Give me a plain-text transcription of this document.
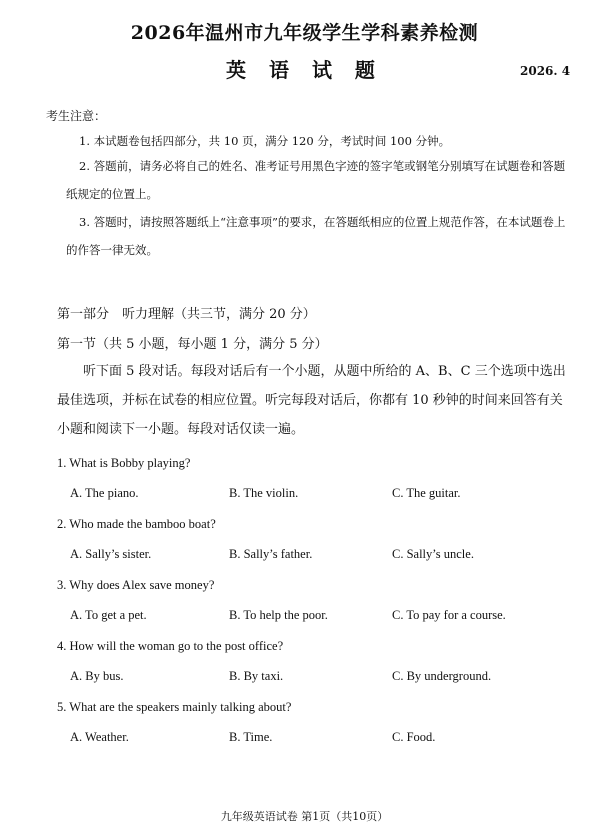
2026年温州市九年级学生学科素养检测
英 语 试 题	2026. 4
考生注意：
1. 本试题卷包括四部分，共 10 页，满分 120 分，考试时间 100 分钟。
2. 答题前，请务必将自己的姓名、准考证号用黑色字迹的签字笔或钢笔分别填写在试题卷和答题纸规定的位置上。
3. 答题时，请按照答题纸上“注意事项”的要求，在答题纸相应的位置上规范作答，在本试题卷上的作答一律无效。
第一部分　听力理解（共三节，满分 20 分）
第一节（共 5 小题，每小题 1 分，满分 5 分）
听下面 5 段对话。每段对话后有一个小题，从题中所给的 A、B、C 三个选项中选出最佳选项，并标在试卷的相应位置。听完每段对话后，你都有 10 秒钟的时间来回答有关小题和阅读下一小题。每段对话仅读一遍。
1. What is Bobby playing?
A. The piano.	B. The violin.	C. The guitar.
2. Who made the bamboo boat?
A. Sally’s sister.	B. Sally’s father.	C. Sally’s uncle.
3. Why does Alex save money?
A. To get a pet.	B. To help the poor.	C. To pay for a course.
4. How will the woman go to the post office?
A. By bus.	B. By taxi.	C. By underground.
5. What are the speakers mainly talking about?
A. Weather.	B. Time.	C. Food.
九年级英语试卷 第1页（共10页）
